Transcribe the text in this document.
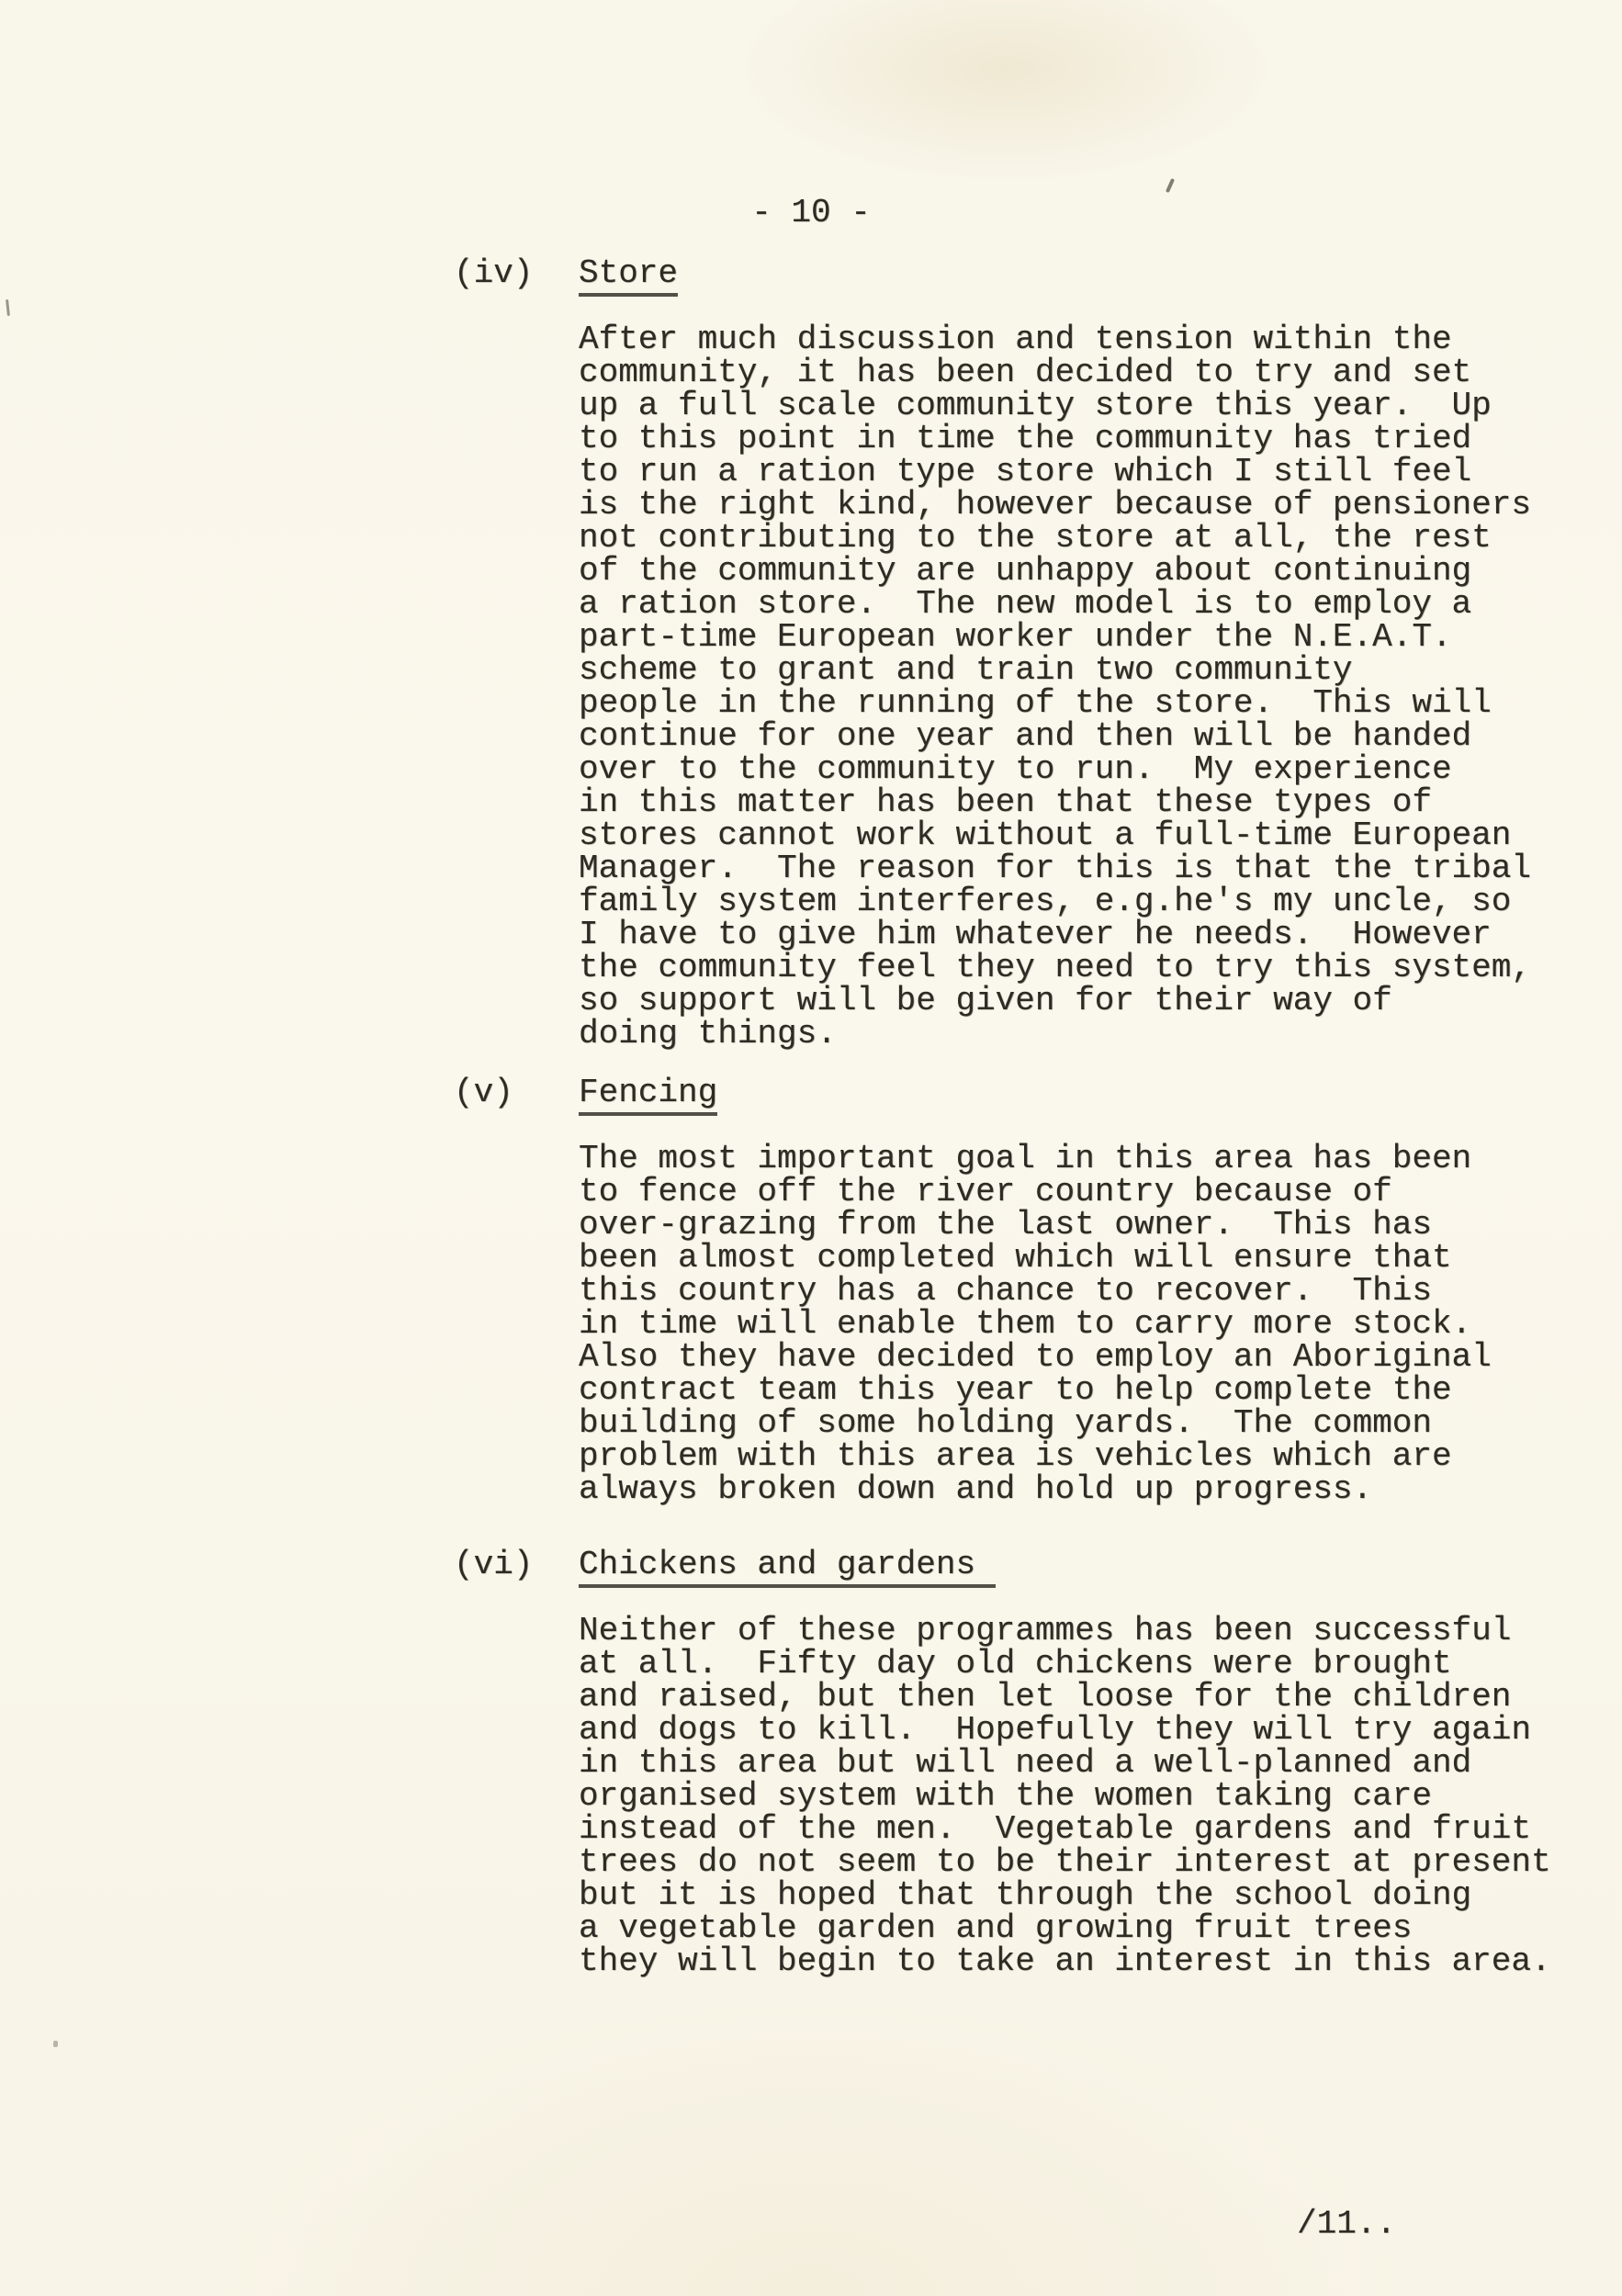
- 10 -
(iv) Store
After much discussion and tension within the
community, it has been decided to try and set
up a full scale community store this year.  Up
to this point in time the community has tried
to run a ration type store which I still feel
is the right kind, however because of pensioners
not contributing to the store at all, the rest
of the community are unhappy about continuing
a ration store.  The new model is to employ a
part-time European worker under the N.E.A.T.
scheme to grant and train two community
people in the running of the store.  This will
continue for one year and then will be handed
over to the community to run.  My experience
in this matter has been that these types of
stores cannot work without a full-time European
Manager.  The reason for this is that the tribal
family system interferes, e.g.he's my uncle, so
I have to give him whatever he needs.  However
the community feel they need to try this system,
so support will be given for their way of
doing things.
(v) Fencing
The most important goal in this area has been
to fence off the river country because of
over-grazing from the last owner.  This has
been almost completed which will ensure that
this country has a chance to recover.  This
in time will enable them to carry more stock.
Also they have decided to employ an Aboriginal
contract team this year to help complete the
building of some holding yards.  The common
problem with this area is vehicles which are
always broken down and hold up progress.
(vi) Chickens and gardens
Neither of these programmes has been successful
at all.  Fifty day old chickens were brought
and raised, but then let loose for the children
and dogs to kill.  Hopefully they will try again
in this area but will need a well-planned and
organised system with the women taking care
instead of the men.  Vegetable gardens and fruit
trees do not seem to be their interest at present
but it is hoped that through the school doing
a vegetable garden and growing fruit trees
they will begin to take an interest in this area.
/11..
